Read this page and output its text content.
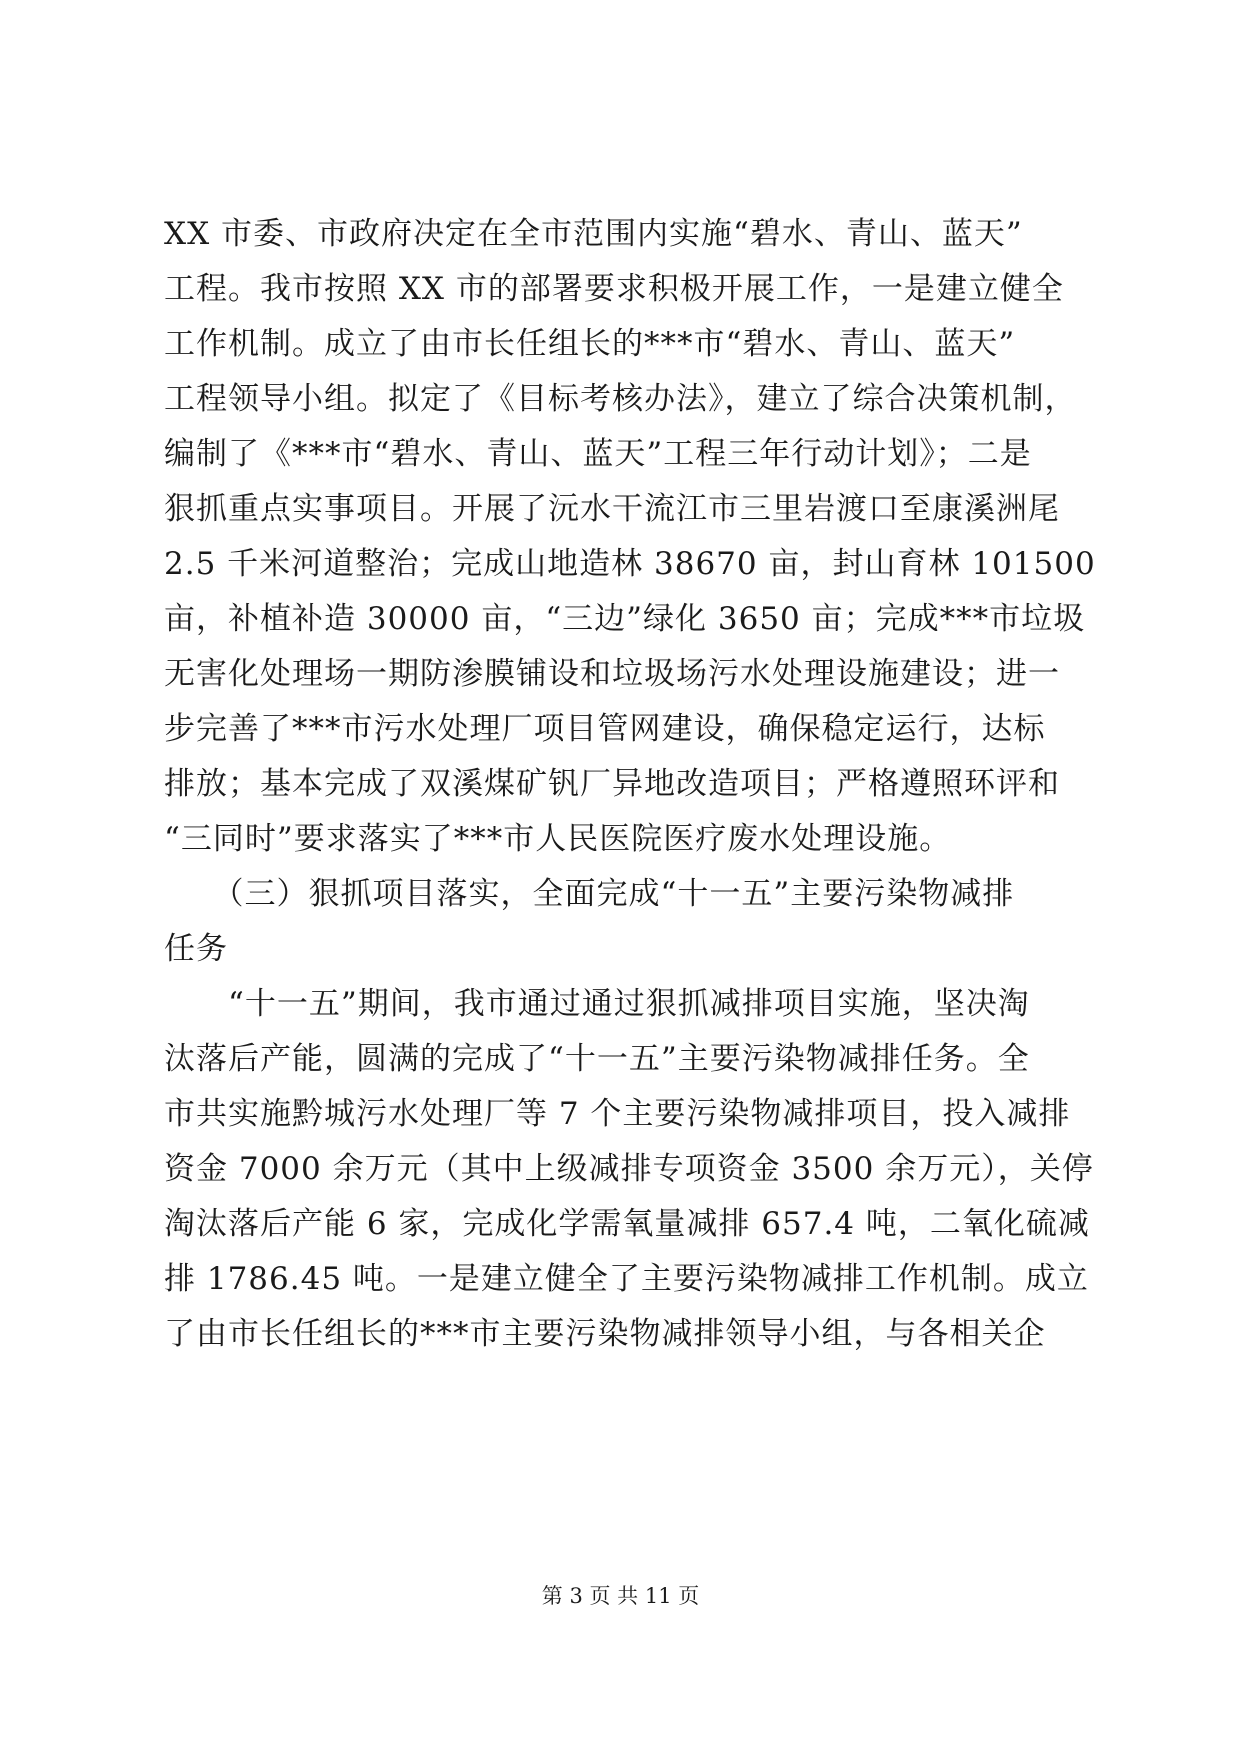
XX 市委、市政府决定在全市范围内实施“碧水、青山、蓝天”
工程。我市按照 XX 市的部署要求积极开展工作，一是建立健全
工作机制。成立了由市长任组长的***市“碧水、青山、蓝天”
工程领导小组。拟定了《目标考核办法》，建立了综合决策机制，
编制了《***市“碧水、青山、蓝天”工程三年行动计划》；二是
狠抓重点实事项目。开展了沅水干流江市三里岩渡口至康溪洲尾
2.5 千米河道整治；完成山地造林 38670 亩，封山育林 101500
亩，补植补造 30000 亩，“三边”绿化 3650 亩；完成***市垃圾
无害化处理场一期防渗膜铺设和垃圾场污水处理设施建设；进一
步完善了***市污水处理厂项目管网建设，确保稳定运行，达标
排放；基本完成了双溪煤矿钒厂异地改造项目；严格遵照环评和
“三同时”要求落实了***市人民医院医疗废水处理设施。
　　（三）狠抓项目落实，全面完成“十一五”主要污染物减排
任务
　　“十一五”期间，我市通过通过狠抓减排项目实施，坚决淘
汰落后产能，圆满的完成了“十一五”主要污染物减排任务。全
市共实施黔城污水处理厂等 7 个主要污染物减排项目，投入减排
资金 7000 余万元（其中上级减排专项资金 3500 余万元），关停
淘汰落后产能 6 家，完成化学需氧量减排 657.4 吨，二氧化硫减
排 1786.45 吨。一是建立健全了主要污染物减排工作机制。成立
了由市长任组长的***市主要污染物减排领导小组，与各相关企
第 3 页 共 11 页
